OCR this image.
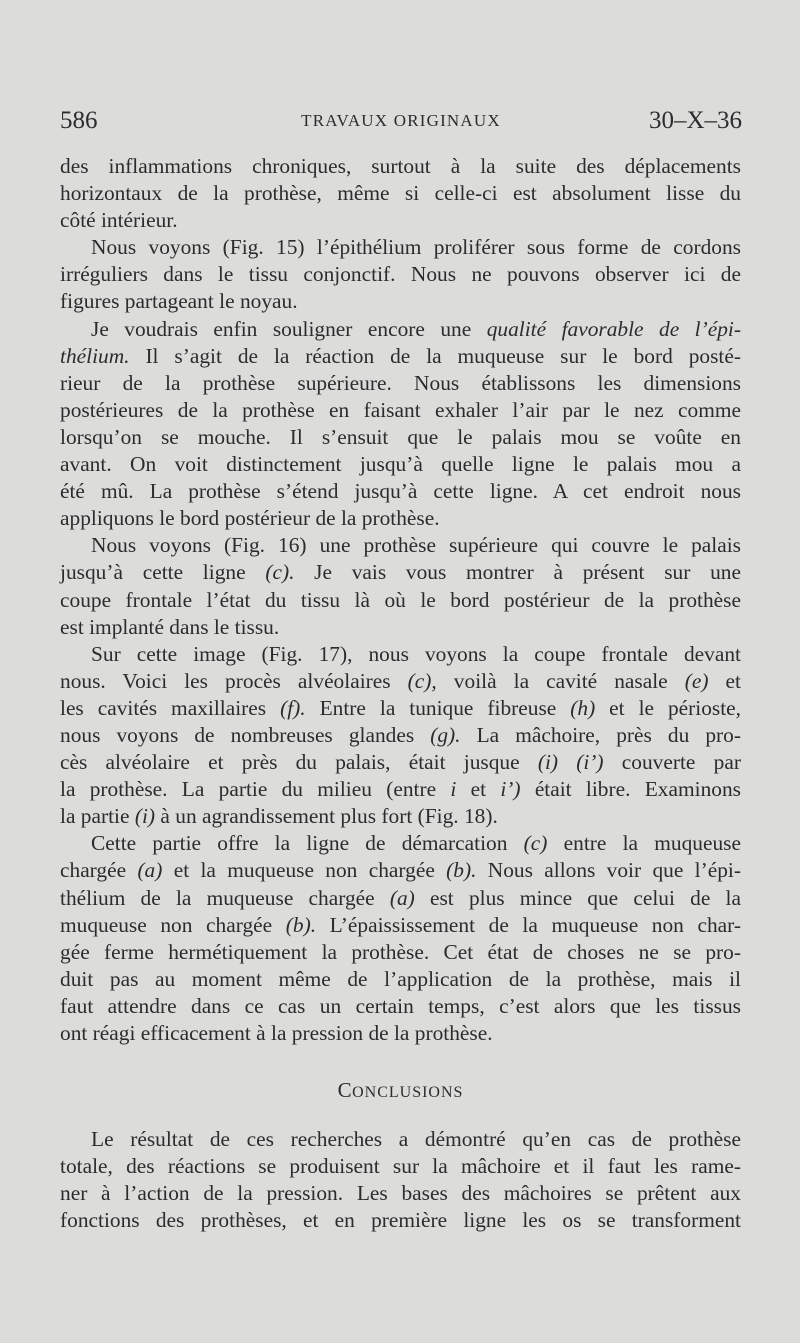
586	TRAVAUX ORIGINAUX	30–X–36

des inflammations chroniques, surtout à la suite des déplacements

horizontaux de la prothèse, même si celle-ci est absolument lisse du

côté intérieur.

Nous voyons (Fig. 15) l’épithélium proliférer sous forme de cordons

irréguliers dans le tissu conjonctif. Nous ne pouvons observer ici de

figures partageant le noyau.

Je voudrais enfin souligner encore une qualité favorable de l’épi-

thélium. Il s’agit de la réaction de la muqueuse sur le bord posté-

rieur de la prothèse supérieure. Nous établissons les dimensions

postérieures de la prothèse en faisant exhaler l’air par le nez comme

lorsqu’on se mouche. Il s’ensuit que le palais mou se voûte en

avant. On voit distinctement jusqu’à quelle ligne le palais mou a

été mû. La prothèse s’étend jusqu’à cette ligne. A cet endroit nous

appliquons le bord postérieur de la prothèse.

Nous voyons (Fig. 16) une prothèse supérieure qui couvre le palais

jusqu’à cette ligne (c). Je vais vous montrer à présent sur une

coupe frontale l’état du tissu là où le bord postérieur de la prothèse

est implanté dans le tissu.

Sur cette image (Fig. 17), nous voyons la coupe frontale devant

nous. Voici les procès alvéolaires (c), voilà la cavité nasale (e) et

les cavités maxillaires (f). Entre la tunique fibreuse (h) et le périoste,

nous voyons de nombreuses glandes (g). La mâchoire, près du pro-

cès alvéolaire et près du palais, était jusque (i) (i’) couverte par

la prothèse. La partie du milieu (entre i et i’) était libre. Examinons

la partie (i) à un agrandissement plus fort (Fig. 18).

Cette partie offre la ligne de démarcation (c) entre la muqueuse

chargée (a) et la muqueuse non chargée (b). Nous allons voir que l’épi-

thélium de la muqueuse chargée (a) est plus mince que celui de la

muqueuse non chargée (b). L’épaississement de la muqueuse non char-

gée ferme hermétiquement la prothèse. Cet état de choses ne se pro-

duit pas au moment même de l’application de la prothèse, mais il

faut attendre dans ce cas un certain temps, c’est alors que les tissus

ont réagi efficacement à la pression de la prothèse.

CONCLUSIONS

Le résultat de ces recherches a démontré qu’en cas de prothèse

totale, des réactions se produisent sur la mâchoire et il faut les rame-

ner à l’action de la pression. Les bases des mâchoires se prêtent aux

fonctions des prothèses, et en première ligne les os se transforment
